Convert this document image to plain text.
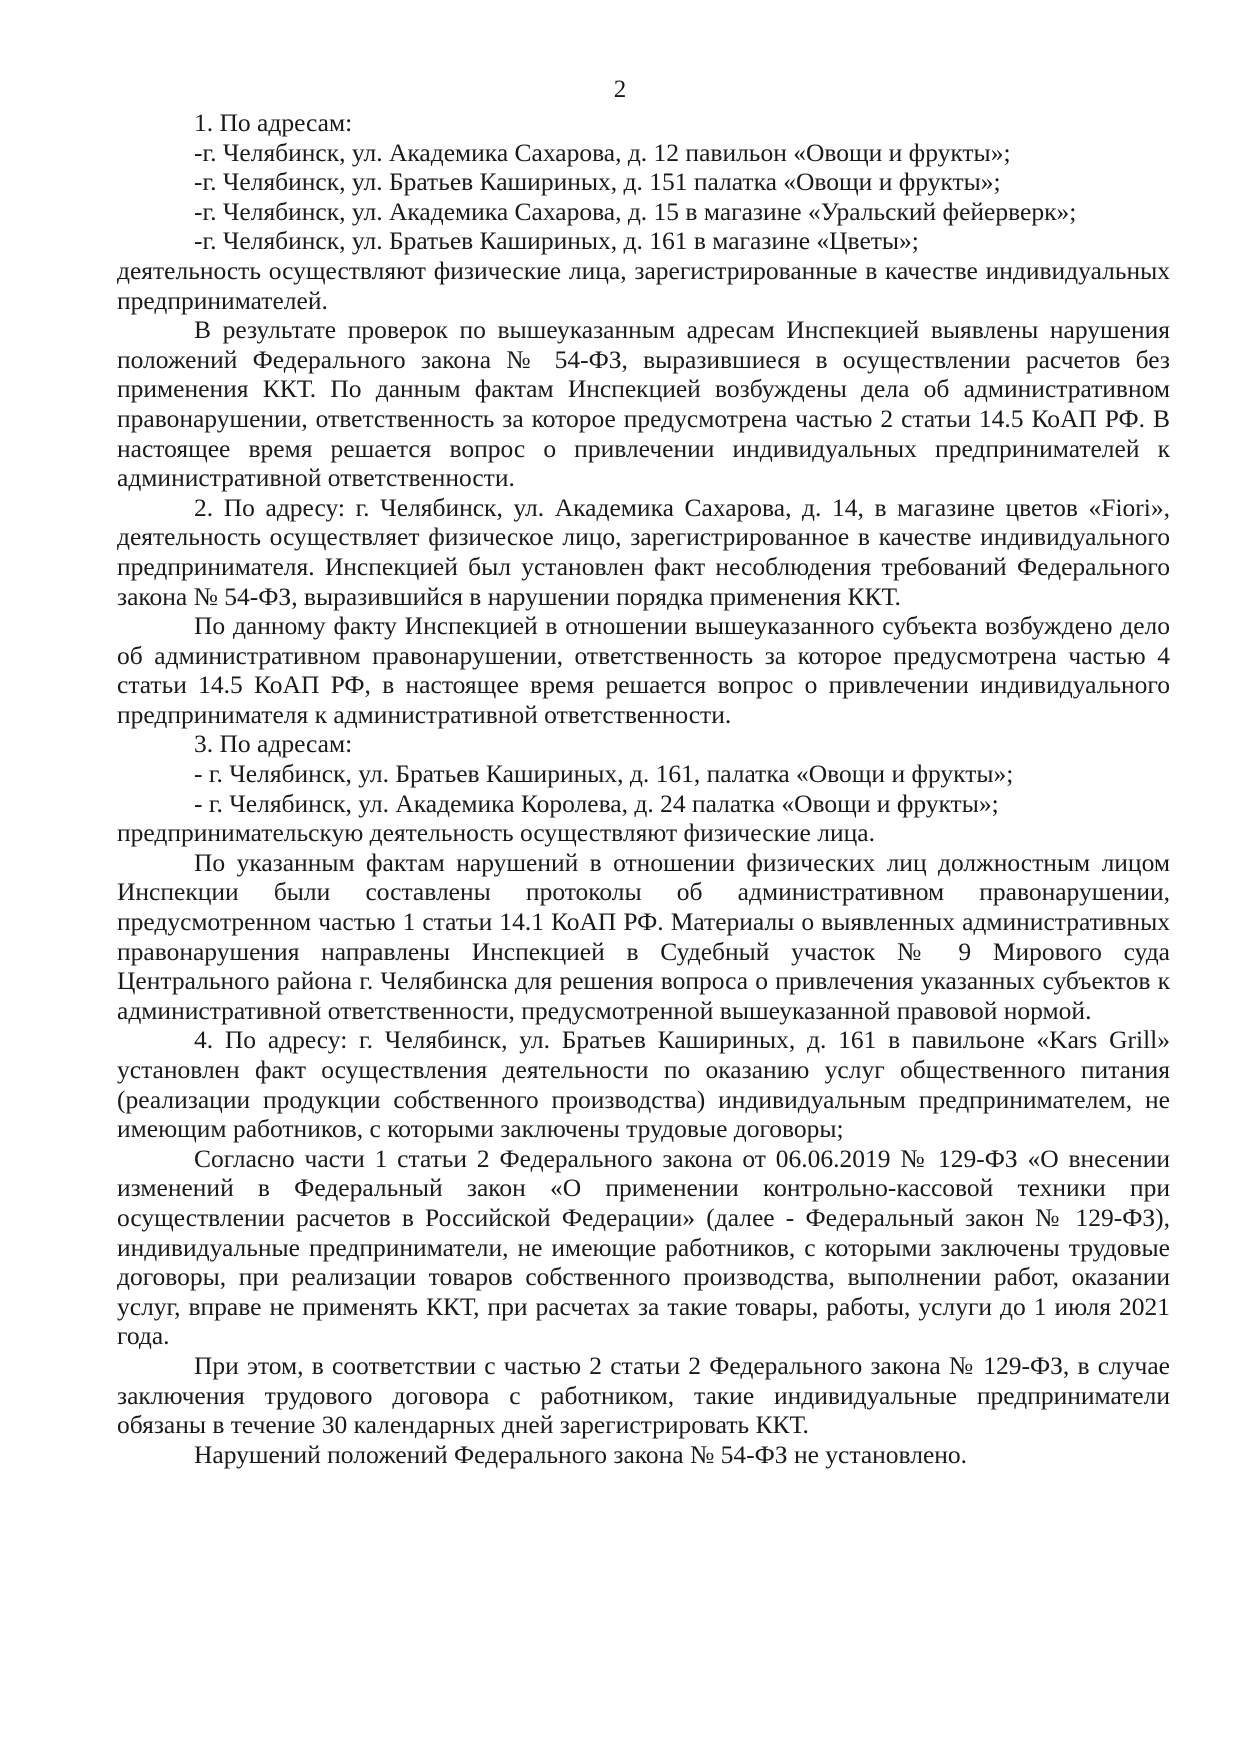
2
1. По адресам:
-г. Челябинск, ул. Академика Сахарова, д. 12 павильон «Овощи и фрукты»;
-г. Челябинск, ул. Братьев Кашириных, д. 151 палатка «Овощи и фрукты»;
-г. Челябинск, ул. Академика Сахарова, д. 15 в магазине «Уральский фейерверк»;
-г. Челябинск, ул. Братьев Кашириных, д. 161 в магазине «Цветы»;

деятельность осуществляют физические лица, зарегистрированные в качестве индивидуальных предпринимателей.

В результате проверок по вышеуказанным адресам Инспекцией выявлены нарушения положений Федерального закона № 54-ФЗ, выразившиеся в осуществлении расчетов без применения ККТ. По данным фактам Инспекцией возбуждены дела об административном правонарушении, ответственность за которое предусмотрена частью 2 статьи 14.5 КоАП РФ. В настоящее время решается вопрос о привлечении индивидуальных предпринимателей к административной ответственности.

2. По адресу: г. Челябинск, ул. Академика Сахарова, д. 14, в магазине цветов «Fiori», деятельность осуществляет физическое лицо, зарегистрированное в качестве индивидуального предпринимателя. Инспекцией был установлен факт несоблюдения требований Федерального закона № 54-ФЗ, выразившийся в нарушении порядка применения ККТ.

По данному факту Инспекцией в отношении вышеуказанного субъекта возбуждено дело об административном правонарушении, ответственность за которое предусмотрена частью 4 статьи 14.5 КоАП РФ, в настоящее время решается вопрос о привлечении индивидуального предпринимателя к административной ответственности.

3. По адресам:
- г. Челябинск, ул. Братьев Кашириных, д. 161, палатка «Овощи и фрукты»;
- г. Челябинск, ул. Академика Королева, д. 24 палатка «Овощи и фрукты»;

предпринимательскую деятельность осуществляют физические лица.

По указанным фактам нарушений в отношении физических лиц должностным лицом Инспекции были составлены протоколы об административном правонарушении, предусмотренном частью 1 статьи 14.1 КоАП РФ. Материалы о выявленных административных правонарушения направлены Инспекцией в Судебный участок № 9 Мирового суда Центрального района г. Челябинска для решения вопроса о привлечения указанных субъектов к административной ответственности, предусмотренной вышеуказанной правовой нормой.

4. По адресу: г. Челябинск, ул. Братьев Кашириных, д. 161 в павильоне «Kars Grill» установлен факт осуществления деятельности по оказанию услуг общественного питания (реализации продукции собственного производства) индивидуальным предпринимателем, не имеющим работников, с которыми заключены трудовые договоры;

Согласно части 1 статьи 2 Федерального закона от 06.06.2019 № 129-ФЗ «О внесении изменений в Федеральный закон «О применении контрольно-кассовой техники при осуществлении расчетов в Российской Федерации» (далее - Федеральный закон № 129-ФЗ), индивидуальные предприниматели, не имеющие работников, с которыми заключены трудовые договоры, при реализации товаров собственного производства, выполнении работ, оказании услуг, вправе не применять ККТ, при расчетах за такие товары, работы, услуги до 1 июля 2021 года.

При этом, в соответствии с частью 2 статьи 2 Федерального закона № 129-ФЗ, в случае заключения трудового договора с работником, такие индивидуальные предприниматели обязаны в течение 30 календарных дней зарегистрировать ККТ.

Нарушений положений Федерального закона № 54-ФЗ не установлено.
